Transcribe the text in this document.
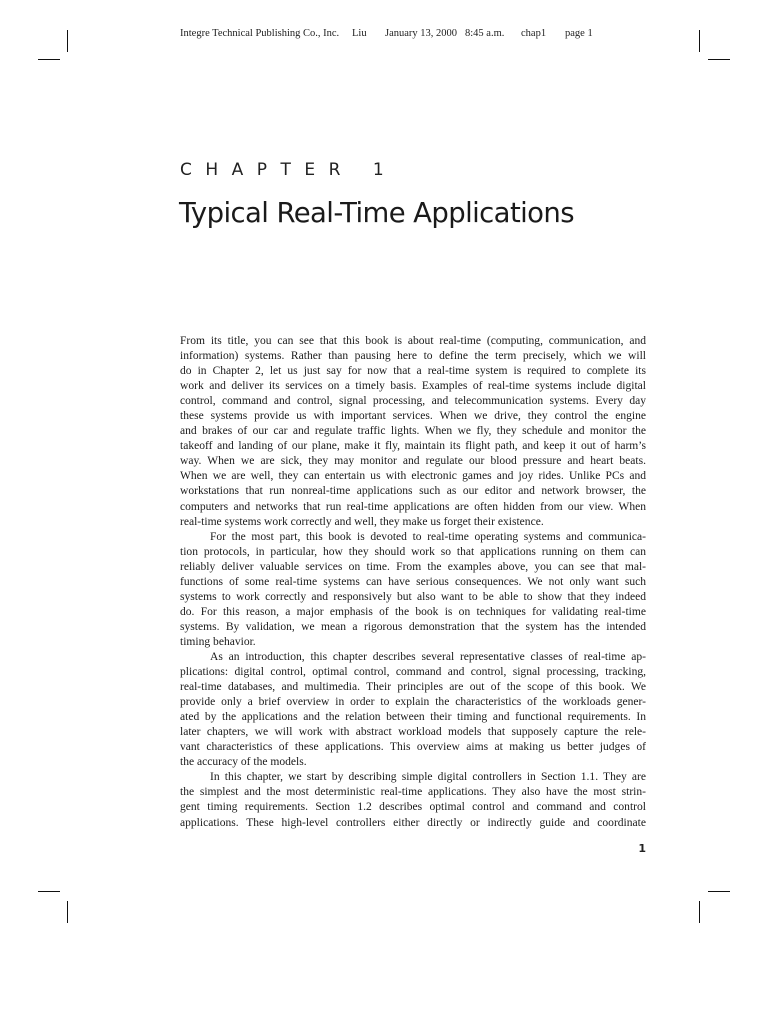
Integre Technical Publishing Co., Inc. Liu January 13, 2000 8:45 a.m. chap1 page 1
CHAPTER 1
Typical Real-Time Applications
From its title, you can see that this book is about real-time (computing, communication, and
information) systems. Rather than pausing here to define the term precisely, which we will
do in Chapter 2, let us just say for now that a real-time system is required to complete its
work and deliver its services on a timely basis. Examples of real-time systems include digital
control, command and control, signal processing, and telecommunication systems. Every day
these systems provide us with important services. When we drive, they control the engine
and brakes of our car and regulate traffic lights. When we fly, they schedule and monitor the
takeoff and landing of our plane, make it fly, maintain its flight path, and keep it out of harm’s
way. When we are sick, they may monitor and regulate our blood pressure and heart beats.
When we are well, they can entertain us with electronic games and joy rides. Unlike PCs and
workstations that run nonreal-time applications such as our editor and network browser, the
computers and networks that run real-time applications are often hidden from our view. When
real-time systems work correctly and well, they make us forget their existence.
For the most part, this book is devoted to real-time operating systems and communica-
tion protocols, in particular, how they should work so that applications running on them can
reliably deliver valuable services on time. From the examples above, you can see that mal-
functions of some real-time systems can have serious consequences. We not only want such
systems to work correctly and responsively but also want to be able to show that they indeed
do. For this reason, a major emphasis of the book is on techniques for validating real-time
systems. By validation, we mean a rigorous demonstration that the system has the intended
timing behavior.
As an introduction, this chapter describes several representative classes of real-time ap-
plications: digital control, optimal control, command and control, signal processing, tracking,
real-time databases, and multimedia. Their principles are out of the scope of this book. We
provide only a brief overview in order to explain the characteristics of the workloads gener-
ated by the applications and the relation between their timing and functional requirements. In
later chapters, we will work with abstract workload models that supposely capture the rele-
vant characteristics of these applications. This overview aims at making us better judges of
the accuracy of the models.
In this chapter, we start by describing simple digital controllers in Section 1.1. They are
the simplest and the most deterministic real-time applications. They also have the most strin-
gent timing requirements. Section 1.2 describes optimal control and command and control
applications. These high-level controllers either directly or indirectly guide and coordinate
1
